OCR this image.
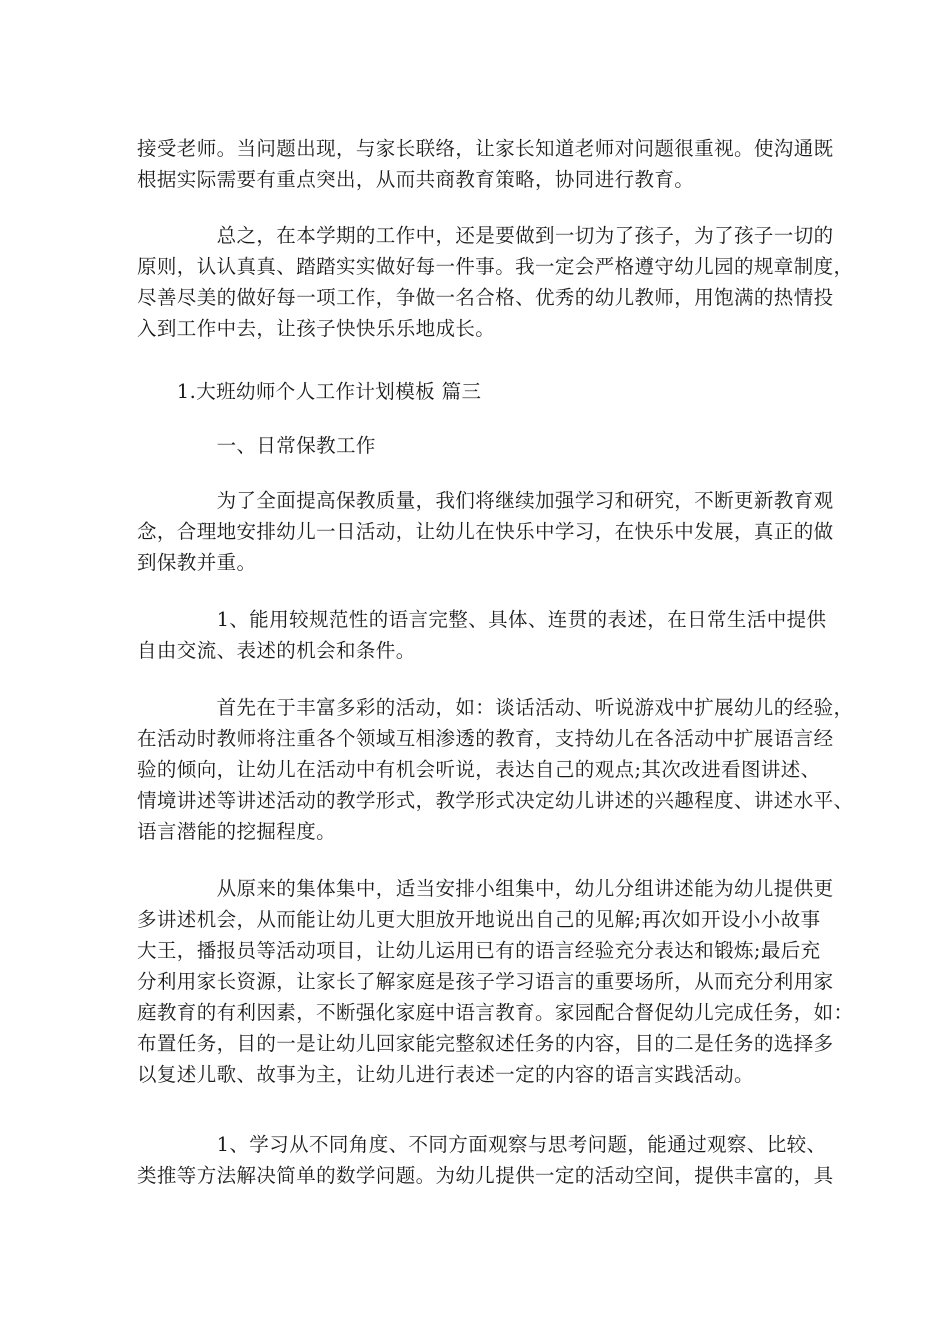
接受老师。当问题出现，与家长联络，让家长知道老师对问题很重视。使沟通既
根据实际需要有重点突出，从而共商教育策略，协同进行教育。
　　　　总之，在本学期的工作中，还是要做到一切为了孩子，为了孩子一切的
原则，认认真真、踏踏实实做好每一件事。我一定会严格遵守幼儿园的规章制度，
尽善尽美的做好每一项工作，争做一名合格、优秀的幼儿教师，用饱满的热情投
入到工作中去，让孩子快快乐乐地成长。
　　1.大班幼师个人工作计划模板 篇三
　　　　一、日常保教工作
　　　　为了全面提高保教质量，我们将继续加强学习和研究，不断更新教育观
念，合理地安排幼儿一日活动，让幼儿在快乐中学习，在快乐中发展，真正的做
到保教并重。
　　　　1、能用较规范性的语言完整、具体、连贯的表述，在日常生活中提供
自由交流、表述的机会和条件。
　　　　首先在于丰富多彩的活动，如：谈话活动、听说游戏中扩展幼儿的经验，
在活动时教师将注重各个领域互相渗透的教育，支持幼儿在各活动中扩展语言经
验的倾向，让幼儿在活动中有机会听说，表达自己的观点;其次改进看图讲述、
情境讲述等讲述活动的教学形式，教学形式决定幼儿讲述的兴趣程度、讲述水平、
语言潜能的挖掘程度。
　　　　从原来的集体集中，适当安排小组集中，幼儿分组讲述能为幼儿提供更
多讲述机会，从而能让幼儿更大胆放开地说出自己的见解;再次如开设小小故事
大王，播报员等活动项目，让幼儿运用已有的语言经验充分表达和锻炼;最后充
分利用家长资源，让家长了解家庭是孩子学习语言的重要场所，从而充分利用家
庭教育的有利因素，不断强化家庭中语言教育。家园配合督促幼儿完成任务，如：
布置任务，目的一是让幼儿回家能完整叙述任务的内容，目的二是任务的选择多
以复述儿歌、故事为主，让幼儿进行表述一定的内容的语言实践活动。
　　　　1、学习从不同角度、不同方面观察与思考问题，能通过观察、比较、
类推等方法解决简单的数学问题。为幼儿提供一定的活动空间，提供丰富的，具
